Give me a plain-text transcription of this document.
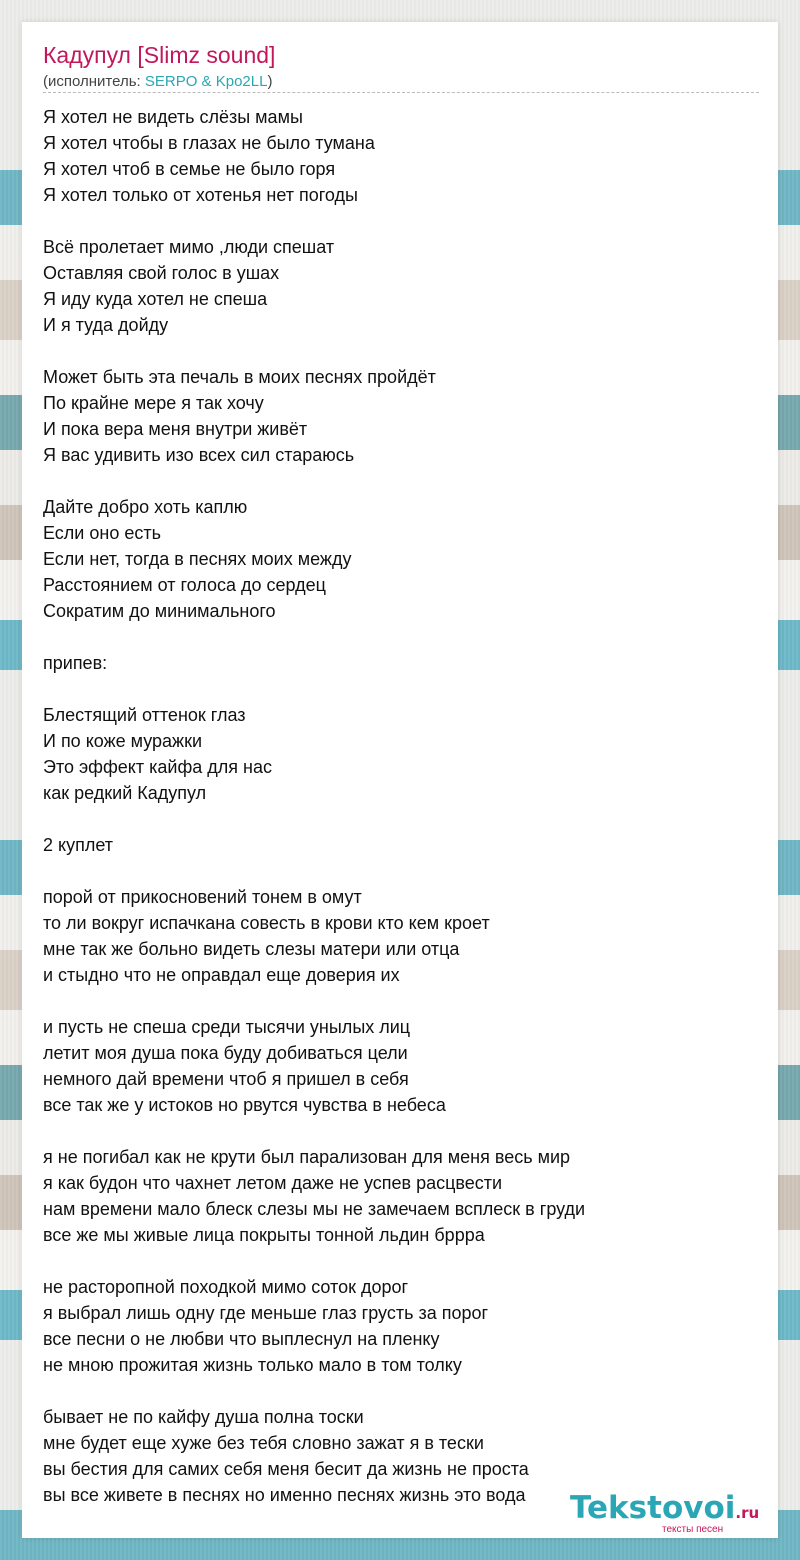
Кадупул [Slimz sound]
(исполнитель: SERPO & Kpo2LL)
Я хотел не видеть слёзы мамы
Я хотел чтобы в глазах не было тумана
Я хотел чтоб в семье не было горя
Я хотел только от хотенья нет погоды
Всё пролетает мимо ,люди спешат
Оставляя свой голос в ушах
Я иду куда хотел не спеша
И я туда дойду
Может быть эта печаль в моих песнях пройдёт
По крайне мере я так хочу
И пока вера меня внутри живёт
Я вас удивить изо всех сил стараюсь
Дайте добро хоть каплю
Если оно есть
Если нет, тогда в песнях моих между
Расстоянием от голоса до сердец
Сократим до минимального
припев:
Блестящий оттенок глаз
И по коже муражки
Это эффект кайфа для нас
как редкий Кадупул
2 куплет
порой от прикосновений тонем в омут
то ли вокруг испачкана совесть в крови кто кем кроет
мне так же больно видеть слезы матери или отца
и стыдно что не оправдал еще доверия их
и пусть не спеша среди тысячи унылых лиц
летит моя душа пока буду добиваться цели
немного дай времени чтоб я пришел в себя
все так же у истоков но рвутся чувства в небеса
я не погибал как не крути был парализован для меня весь мир
я как будон что чахнет летом даже не успев расцвести
нам времени мало блеск слезы мы не замечаем всплеск в груди
все же мы живые лица покрыты тонной льдин бррра
не расторопной походкой мимо соток дорог
я выбрал лишь одну где меньше глаз грусть за порог
все песни о не любви что выплеснул на пленку
не мною прожитая жизнь только мало в том толку
бывает не по кайфу душа полна тоски
мне будет еще хуже без тебя словно зажат я в тески
вы бестия для самих себя меня бесит да жизнь не проста
вы все живете в песнях но именно песнях жизнь это вода	Tekstovoi.ru
тексты песен
